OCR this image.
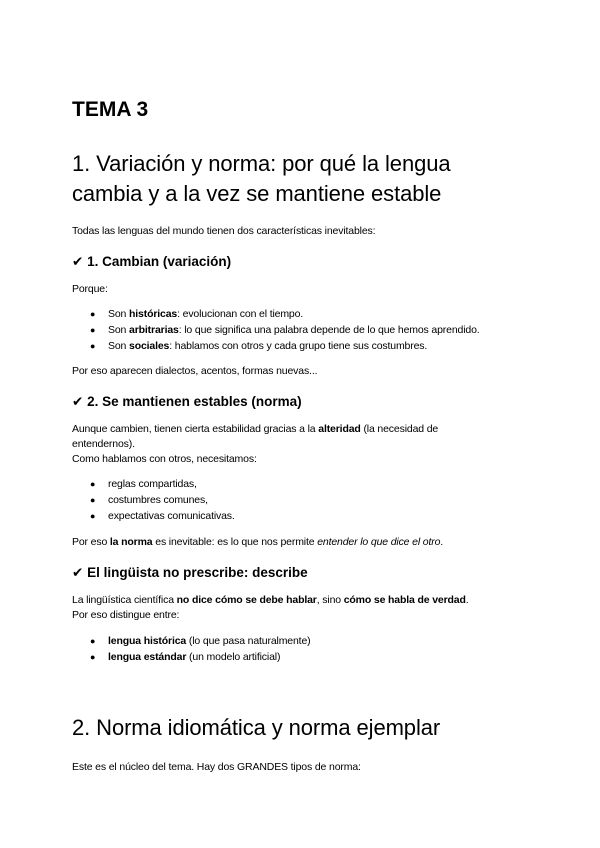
TEMA 3
1. Variación y norma: por qué la lengua
cambia y a la vez se mantiene estable

Todas las lenguas del mundo tienen dos características inevitables:

✔ 1. Cambian (variación)

Porque:

● Son históricas: evolucionan con el tiempo.
● Son arbitrarias: lo que significa una palabra depende de lo que hemos aprendido.
● Son sociales: hablamos con otros y cada grupo tiene sus costumbres.

Por eso aparecen dialectos, acentos, formas nuevas...

✔ 2. Se mantienen estables (norma)

Aunque cambien, tienen cierta estabilidad gracias a la alteridad (la necesidad de
entendernos).
Como hablamos con otros, necesitamos:

● reglas compartidas,
● costumbres comunes,
● expectativas comunicativas.

Por eso la norma es inevitable: es lo que nos permite entender lo que dice el otro.

✔ El lingüista no prescribe: describe

La lingüística científica no dice cómo se debe hablar, sino cómo se habla de verdad.
Por eso distingue entre:

● lengua histórica (lo que pasa naturalmente)
● lengua estándar (un modelo artificial)
2. Norma idiomática y norma ejemplar

Este es el núcleo del tema. Hay dos GRANDES tipos de norma:
